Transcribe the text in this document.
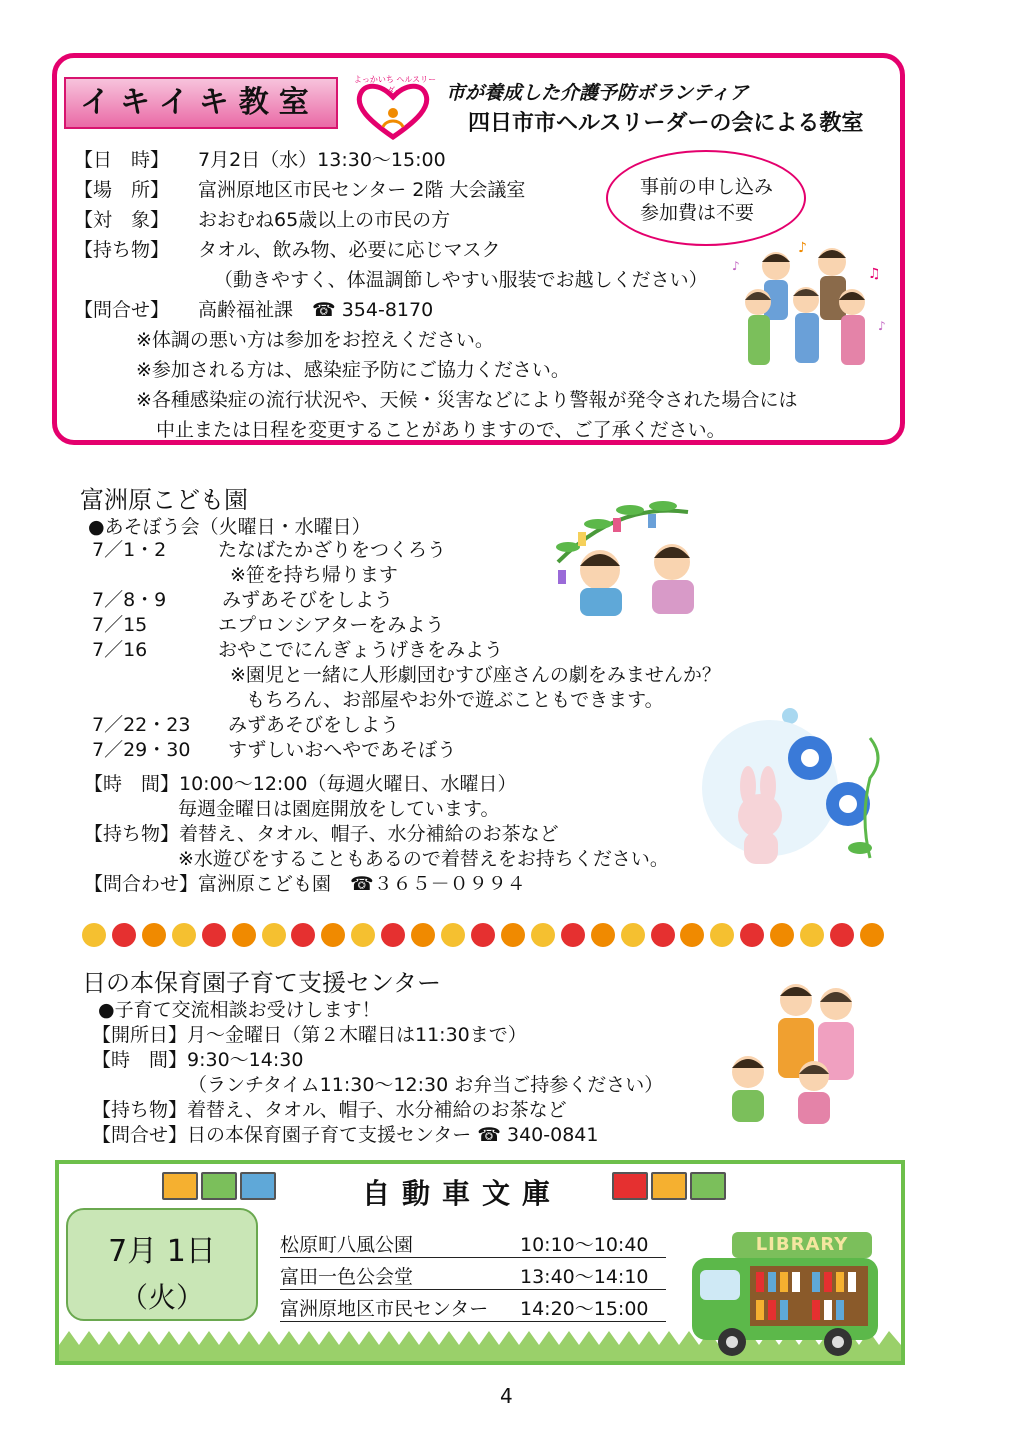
イキイキ教室
よっかいち ヘルスリーダー	市が養成した介護予防ボランティア
四日市市ヘルスリーダーの会による教室
【日　時】 7月2日（水）13:30～15:00
【場　所】 富洲原地区市民センター 2階 大会議室
【対　象】 おおむね65歳以上の市民の方
【持ち物】 タオル、飲み物、必要に応じマスク
（動きやすく、体温調節しやすい服装でお越しください）
【問合せ】 高齢福祉課　☎ 354-8170
※体調の悪い方は参加をお控えください。
※参加される方は、感染症予防にご協力ください。
※各種感染症の流行状況や、天候・災害などにより警報が発令された場合には
中止または日程を変更することがありますので、ご了承ください。
事前の申し込み
参加費は不要
♪
♫
♪
♪
富洲原こども園
●あそぼう会（火曜日・水曜日）
7／1・2	たなばたかざりをつくろう
※笹を持ち帰ります
7／8・9	みずあそびをしよう
7／15	エプロンシアターをみよう
7／16	おやこでにんぎょうげきをみよう
※園児と一緒に人形劇団むすび座さんの劇をみませんか？
もちろん、お部屋やお外で遊ぶこともできます。
7／22・23 みずあそびをしよう
7／29・30 すずしいおへやであそぼう
【時　間】10:00～12:00（毎週火曜日、水曜日）
毎週金曜日は園庭開放をしています。
【持ち物】着替え、タオル、帽子、水分補給のお茶など
※水遊びをすることもあるので着替えをお持ちください。
【問合わせ】富洲原こども園　☎３６５－０９９４
日の本保育園子育て支援センター
●子育て交流相談お受けします！
【開所日】月～金曜日（第２木曜日は11:30まで）
【時　間】9:30～14:30
（ランチタイム11:30～12:30 お弁当ご持参ください）
【持ち物】着替え、タオル、帽子、水分補給のお茶など
【問合せ】日の本保育園子育て支援センター ☎ 340-0841
自動車文庫
7月 1日
（火）
松原町八風公園	10:10～10:40
富田一色公会堂	13:40～14:10
富洲原地区市民センター 14:20～15:00
LIBRARY
4
